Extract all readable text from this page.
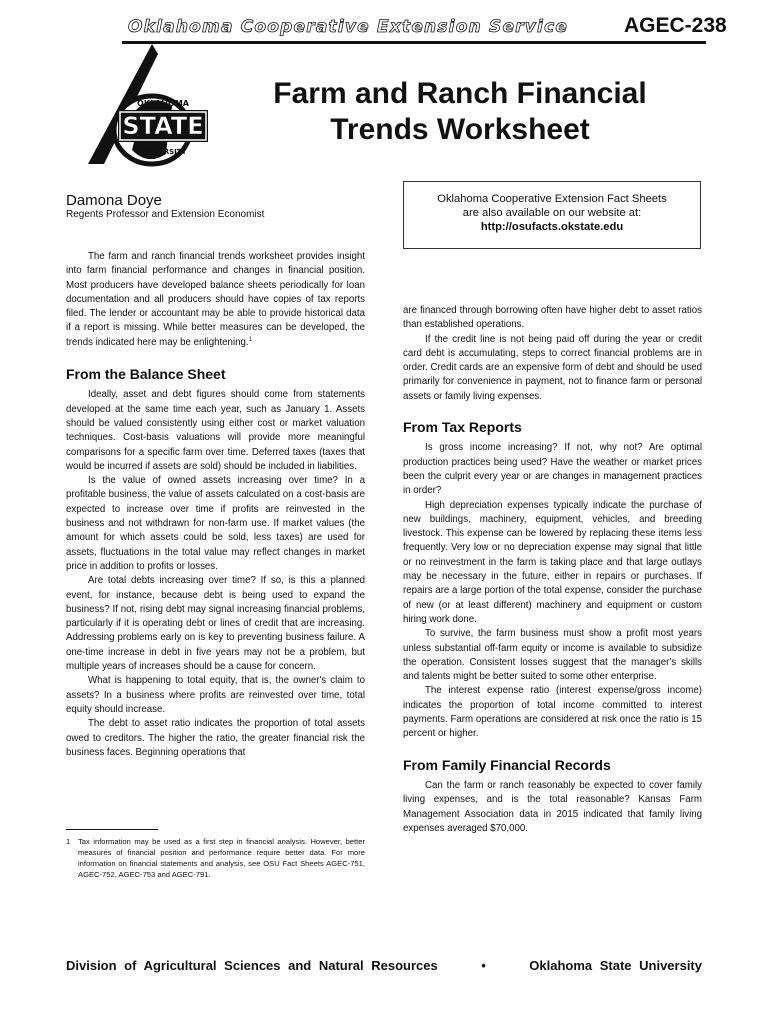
Oklahoma Cooperative Extension Service	AGEC-238
OKLAHOMA
STATE
UNIVERSITY
Farm and Ranch Financial
Trends Worksheet
Damona Doye
Regents Professor and Extension Economist
Oklahoma Cooperative Extension Fact Sheets
are also available on our website at:
http://osufacts.okstate.edu

The farm and ranch financial trends worksheet provides insight into farm financial performance and changes in financial position. Most producers have developed balance sheets periodically for loan documentation and all producers should have copies of tax reports filed. The lender or accountant may be able to provide historical data if a report is missing. While better measures can be developed, the trends indicated here may be enlightening.$^1$

From the Balance Sheet

Ideally, asset and debt figures should come from statements developed at the same time each year, such as January 1. Assets should be valued consistently using either cost or market valuation techniques. Cost-basis valuations will provide more meaningful comparisons for a specific farm over time. Deferred taxes (taxes that would be incurred if assets are sold) should be included in liabilities.

Is the value of owned assets increasing over time? In a profitable business, the value of assets calculated on a cost-basis are expected to increase over time if profits are reinvested in the business and not withdrawn for non-farm use. If market values (the amount for which assets could be sold, less taxes) are used for assets, fluctuations in the total value may reflect changes in market price in addition to profits or losses.

Are total debts increasing over time? If so, is this a planned event, for instance, because debt is being used to expand the business? If not, rising debt may signal increasing financial problems, particularly if it is operating debt or lines of credit that are increasing. Addressing problems early on is key to preventing business failure. A one-time increase in debt in five years may not be a problem, but multiple years of increases should be a cause for concern.

What is happening to total equity, that is, the owner's claim to assets? In a business where profits are reinvested over time, total equity should increase.

The debt to asset ratio indicates the proportion of total assets owed to creditors. The higher the ratio, the greater financial risk the business faces. Beginning operations that

1	Tax information may be used as a first step in financial analysis. However, better measures of financial position and performance require better data. For more information on financial statements and analysis, see OSU Fact Sheets AGEC-751, AGEC-752, AGEC-753 and AGEC-791.

are financed through borrowing often have higher debt to asset ratios than established operations.

If the credit line is not being paid off during the year or credit card debt is accumulating, steps to correct financial problems are in order. Credit cards are an expensive form of debt and should be used primarily for convenience in payment, not to finance farm or personal assets or family living expenses.

From Tax Reports

Is gross income increasing? If not, why not? Are optimal production practices being used? Have the weather or market prices been the culprit every year or are changes in management practices in order?

High depreciation expenses typically indicate the purchase of new buildings, machinery, equipment, vehicles, and breeding livestock. This expense can be lowered by replacing these items less frequently. Very low or no depreciation expense may signal that little or no reinvestment in the farm is taking place and that large outlays may be necessary in the future, either in repairs or purchases. If repairs are a large portion of the total expense, consider the purchase of new (or at least different) machinery and equipment or custom hiring work done.

To survive, the farm business must show a profit most years unless substantial off-farm equity or income is available to subsidize the operation. Consistent losses suggest that the manager's skills and talents might be better suited to some other enterprise.

The interest expense ratio (interest expense/gross income) indicates the proportion of total income committed to interest payments. Farm operations are considered at risk once the ratio is 15 percent or higher.

From Family Financial Records

Can the farm or ranch reasonably be expected to cover family living expenses, and is the total reasonable? Kansas Farm Management Association data in 2015 indicated that family living expenses averaged $70,000.

Division of Agricultural Sciences and Natural Resources	•	Oklahoma State University
